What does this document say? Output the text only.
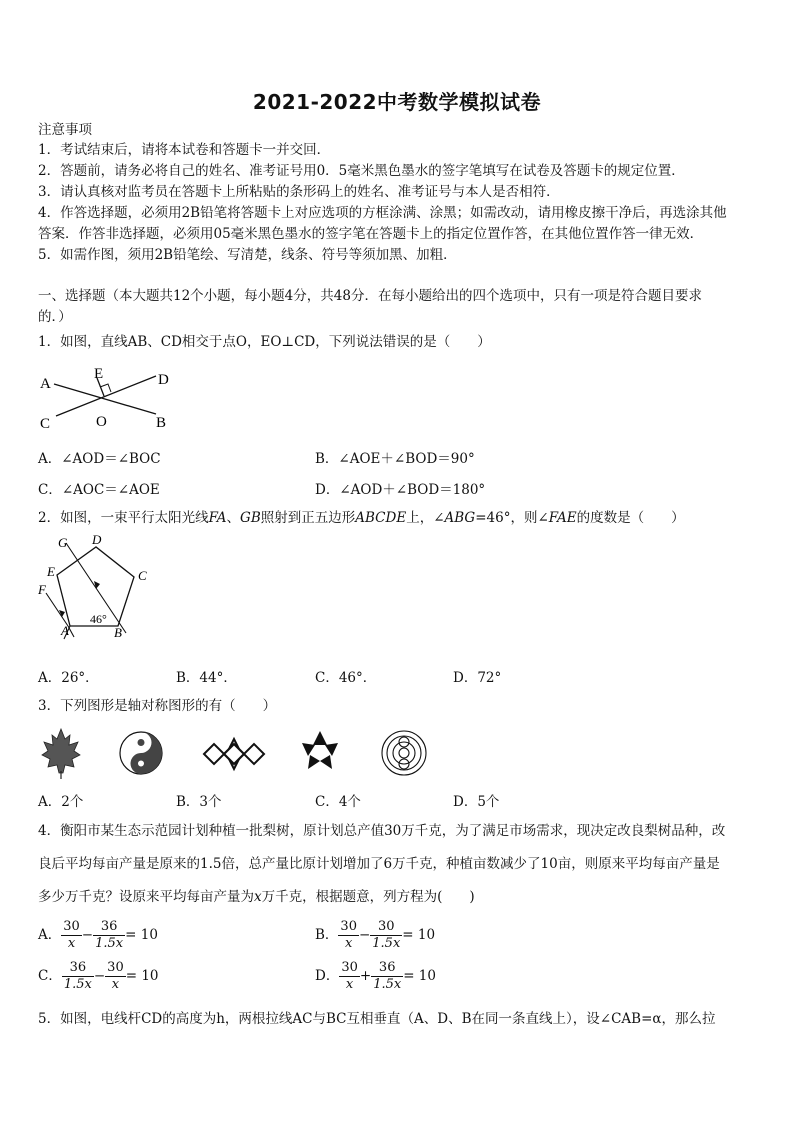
2021-2022中考数学模拟试卷
注意事项
1．考试结束后，请将本试卷和答题卡一并交回．
2．答题前，请务必将自己的姓名、准考证号用0．5毫米黑色墨水的签字笔填写在试卷及答题卡的规定位置．
3．请认真核对监考员在答题卡上所粘贴的条形码上的姓名、准考证号与本人是否相符．
4．作答选择题，必须用2B铅笔将答题卡上对应选项的方框涂满、涂黑；如需改动，请用橡皮擦干净后，再选涂其他
答案．作答非选择题，必须用05毫米黑色墨水的签字笔在答题卡上的指定位置作答，在其他位置作答一律无效．
5．如需作图，须用2B铅笔绘、写清楚，线条、符号等须加黑、加粗．
一、选择题（本大题共12个小题，每小题4分，共48分．在每小题给出的四个选项中，只有一项是符合题目要求
的．）
1．如图，直线AB、CD相交于点O，EO⊥CD，下列说法错误的是（　　）
A	D
E
C	O	B
A．∠AOD＝∠BOC	B．∠AOE＋∠BOD＝90°
C．∠AOC＝∠AOE	D．∠AOD＋∠BOD＝180°
2．如图，一束平行太阳光线FA、GB照射到正五边形ABCDE上，∠ABG=46°，则∠FAE的度数是（　　）
G D
C
E
F
A	B
46°
A．26°．	B．44°．	C．46°．	D．72°
3．下列图形是轴对称图形的有（　　）
A．2个	B．3个	C．4个	D．5个
4．衡阳市某生态示范园计划种植一批梨树，原计划总产值30万千克，为了满足市场需求，现决定改良梨树品种，改
良后平均每亩产量是原来的1.5倍，总产量比原计划增加了6万千克，种植亩数减少了10亩，则原来平均每亩产量是
多少万千克？设原来平均每亩产量为x万千克，根据题意，列方程为(　　)
A． $\frac{30}{x} - \frac{36}{1.5x} = 10$	B． $\frac{30}{x} - \frac{30}{1.5x} = 10$
C． $\frac{36}{1.5x} - \frac{30}{x} = 10$	D． $\frac{30}{x} + \frac{36}{1.5x} = 10$
5．如图，电线杆CD的高度为h，两根拉线AC与BC互相垂直（A、D、B在同一条直线上），设∠CAB=α，那么拉
